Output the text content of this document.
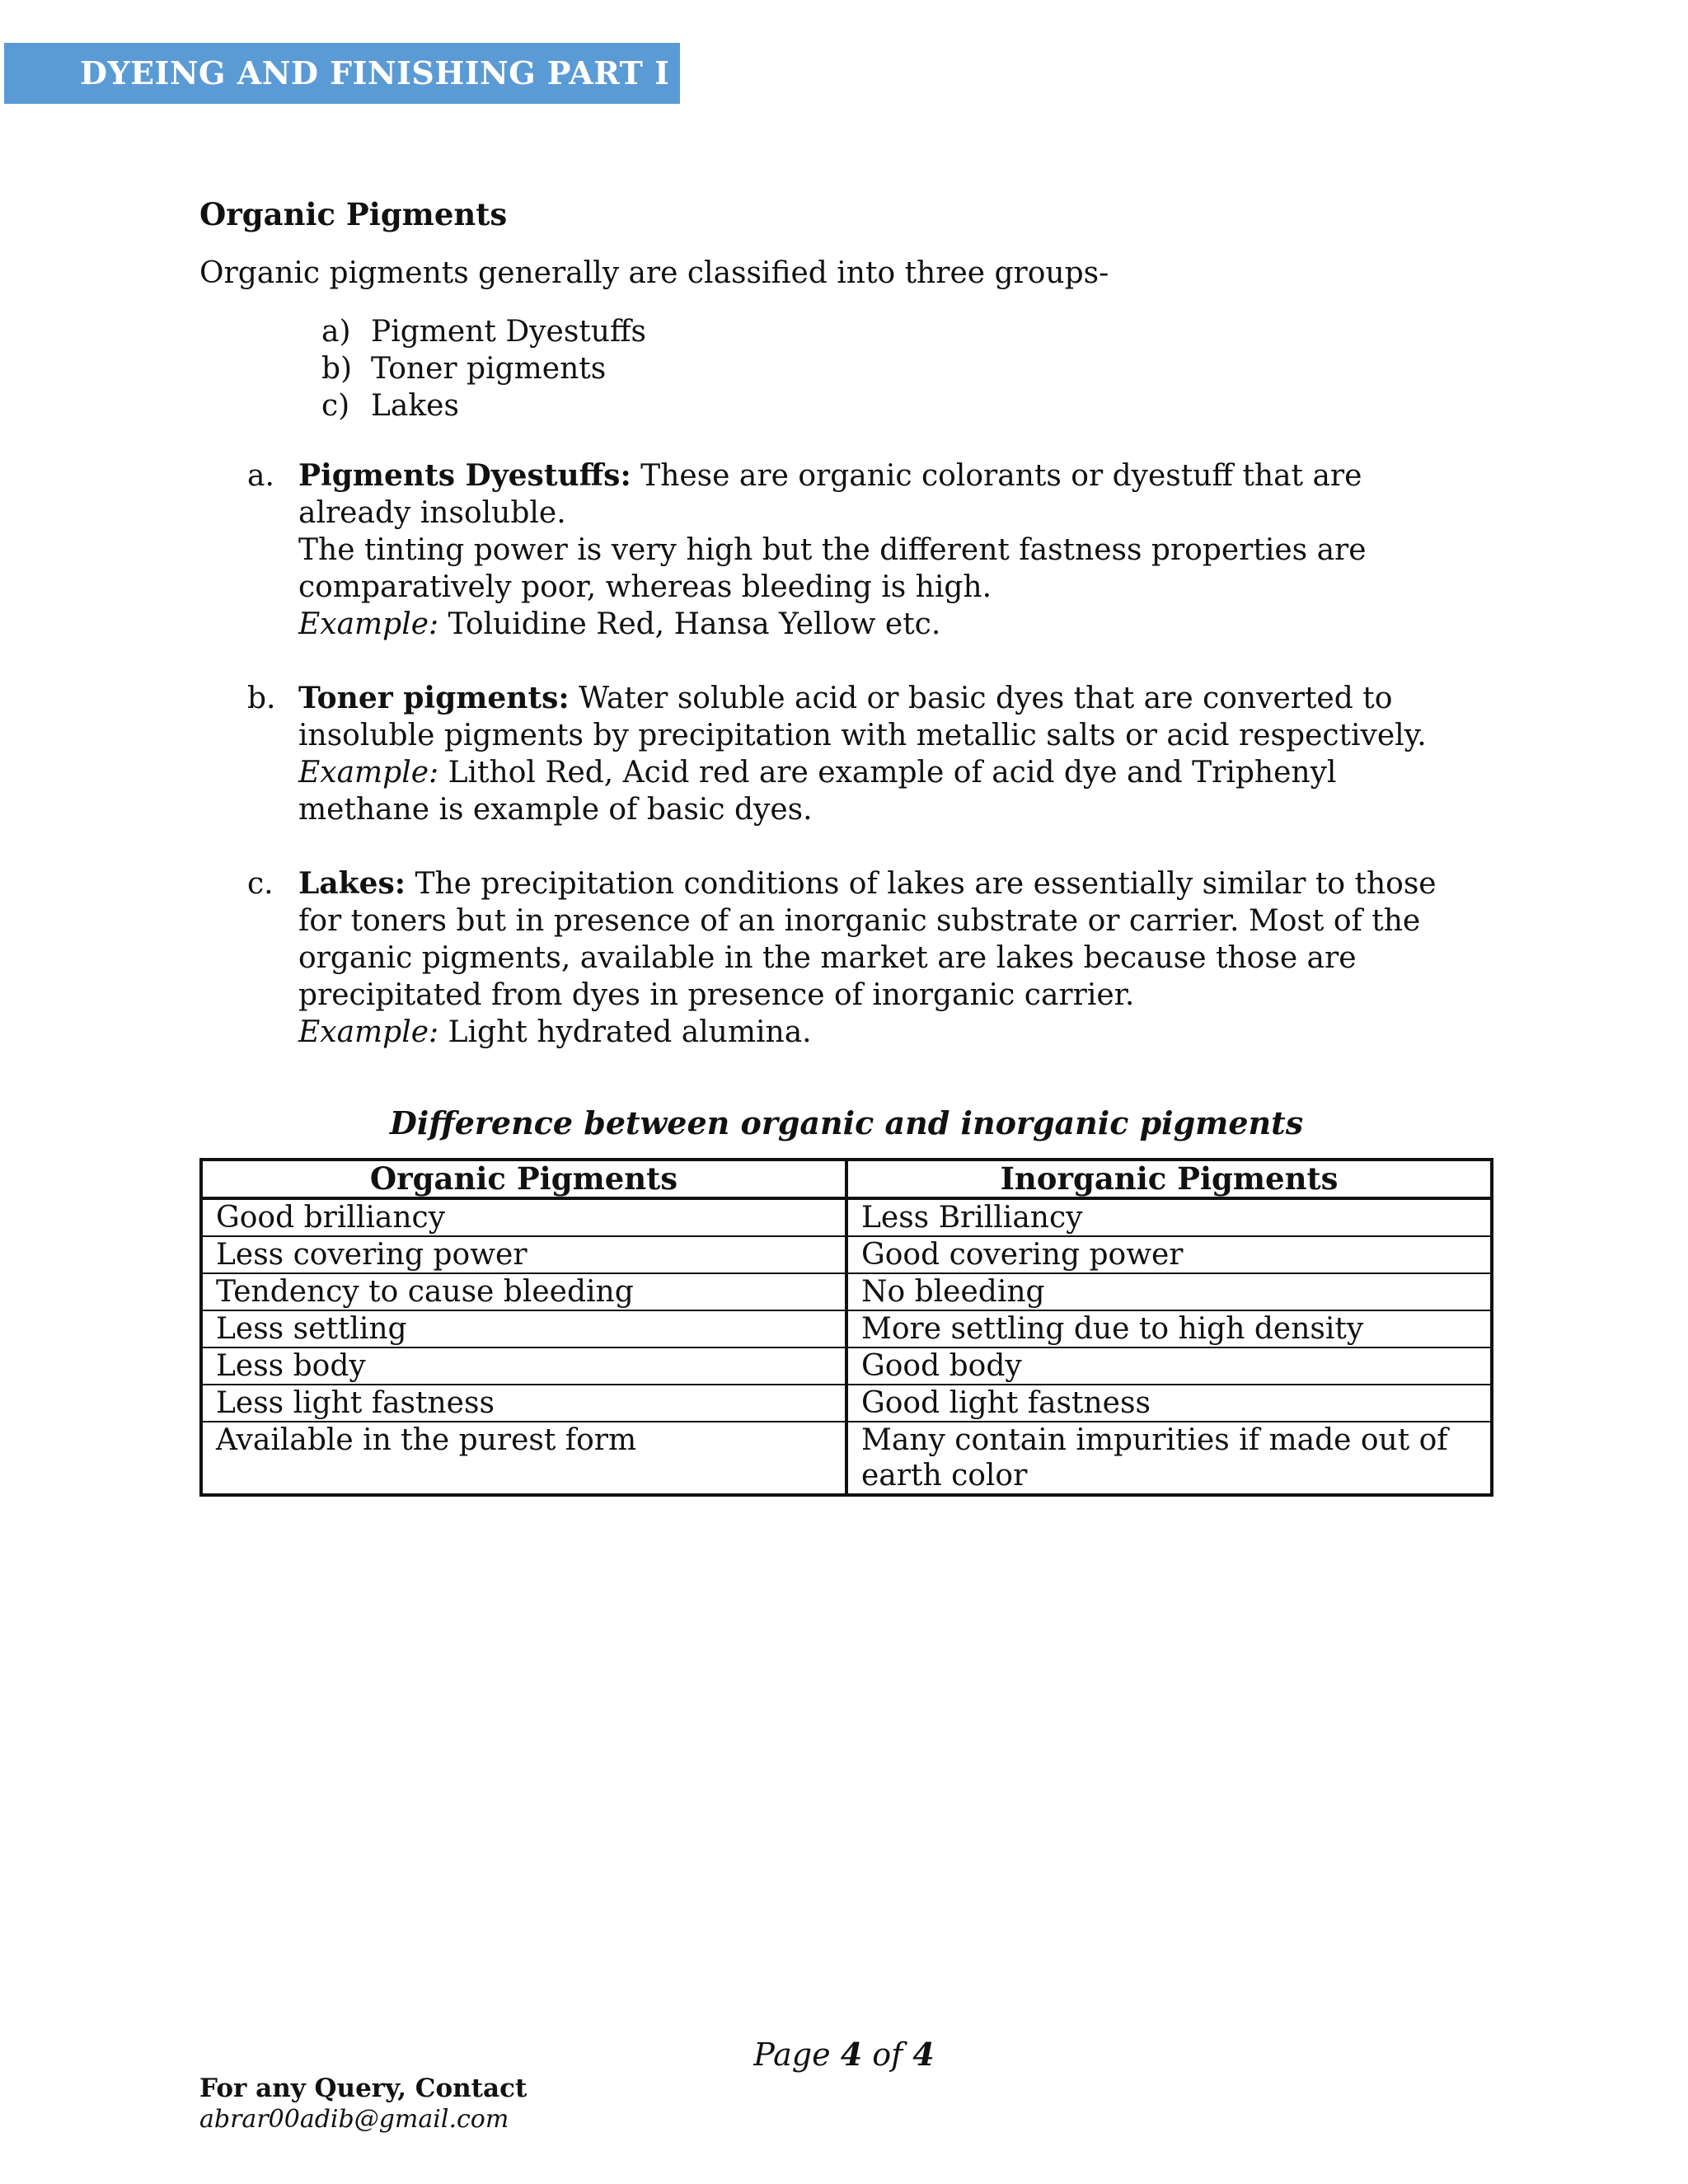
DYEING AND FINISHING PART I
Organic Pigments

Organic pigments generally are classified into three groups-

a) Pigment Dyestuffs
b) Toner pigments
c) Lakes
a. Pigments Dyestuffs: These are organic colorants or dyestuff that are already insoluble.

The tinting power is very high but the different fastness properties are comparatively poor, whereas bleeding is high.

Example: Toluidine Red, Hansa Yellow etc.

b. Toner pigments: Water soluble acid or basic dyes that are converted to insoluble pigments by precipitation with metallic salts or acid respectively.

Example: Lithol Red, Acid red are example of acid dye and Triphenyl methane is example of basic dyes.

c. Lakes: The precipitation conditions of lakes are essentially similar to those for toners but in presence of an inorganic substrate or carrier. Most of the organic pigments, available in the market are lakes because those are precipitated from dyes in presence of inorganic carrier.

Example: Light hydrated alumina.

Difference between organic and inorganic pigments
Organic Pigments	Inorganic Pigments
Good brilliancy	Less Brilliancy
Less covering power	Good covering power
Tendency to cause bleeding	No bleeding
Less settling	More settling due to high density
Less body	Good body
Less light fastness	Good light fastness
Available in the purest form	Many contain impurities if made out of earth color
Page 4 of 4
For any Query, Contact
abrar00adib@gmail.com
